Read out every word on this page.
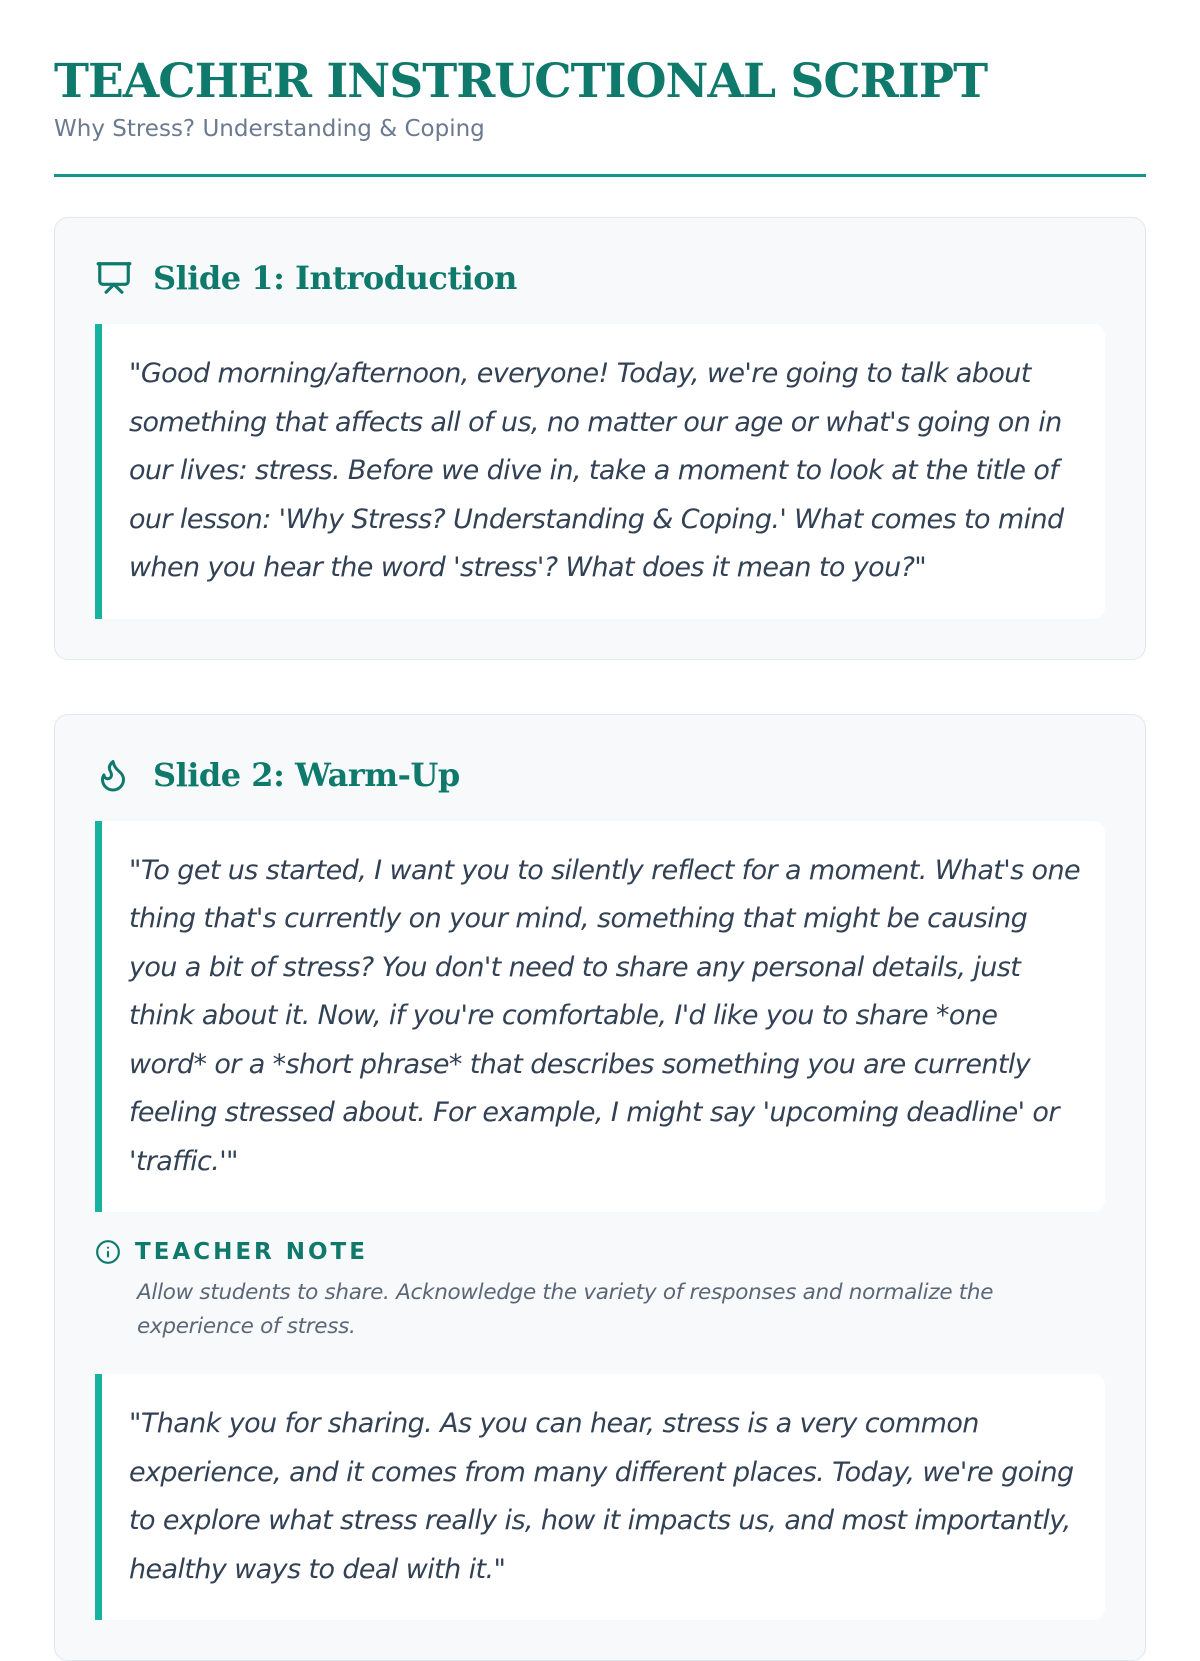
TEACHER INSTRUCTIONAL SCRIPT
Why Stress? Understanding & Coping
Slide 1: Introduction
"Good morning/afternoon, everyone! Today, we're going to talk about something that affects all of us, no matter our age or what's going on in our lives: stress. Before we dive in, take a moment to look at the title of our lesson: 'Why Stress? Understanding & Coping.' What comes to mind when you hear the word 'stress'? What does it mean to you?"
Slide 2: Warm-Up
"To get us started, I want you to silently reflect for a moment. What's one thing that's currently on your mind, something that might be causing you a bit of stress? You don't need to share any personal details, just think about it. Now, if you're comfortable, I'd like you to share *one word* or a *short phrase* that describes something you are currently feeling stressed about. For example, I might say 'upcoming deadline' or 'traffic.'"
TEACHER NOTE
Allow students to share. Acknowledge the variety of responses and normalize the experience of stress.
"Thank you for sharing. As you can hear, stress is a very common experience, and it comes from many different places. Today, we're going to explore what stress really is, how it impacts us, and most importantly, healthy ways to deal with it."
